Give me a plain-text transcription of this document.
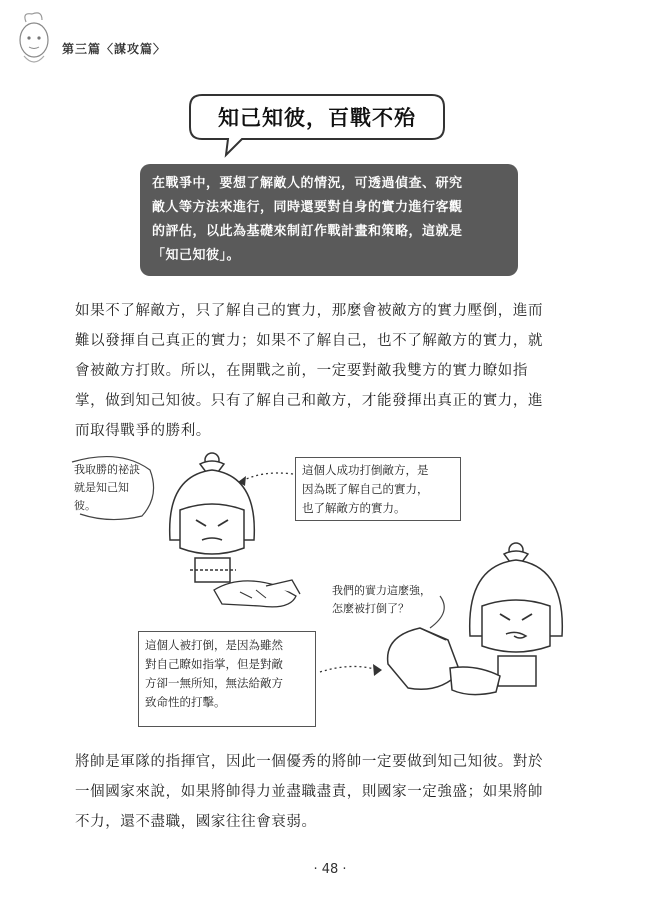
第三篇〈謀攻篇〉
知己知彼，百戰不殆
在戰爭中，要想了解敵人的情況，可透過偵查、研究
敵人等方法來進行，同時還要對自身的實力進行客觀
的評估，以此為基礎來制訂作戰計畫和策略，這就是
「知己知彼」。
如果不了解敵方，只了解自己的實力，那麼會被敵方的實力壓倒，進而
難以發揮自己真正的實力；如果不了解自己，也不了解敵方的實力，就
會被敵方打敗。所以，在開戰之前，一定要對敵我雙方的實力瞭如指
掌，做到知己知彼。只有了解自己和敵方，才能發揮出真正的實力，進
而取得戰爭的勝利。
我取勝的祕訣
就是知己知
彼。
這個人成功打倒敵方，是
因為既了解自己的實力，
也了解敵方的實力。
我們的實力這麼強，
怎麼被打倒了？
這個人被打倒，是因為雖然
對自己瞭如指掌，但是對敵
方卻一無所知，無法給敵方
致命性的打擊。
將帥是軍隊的指揮官，因此一個優秀的將帥一定要做到知己知彼。對於
一個國家來說，如果將帥得力並盡職盡責，則國家一定強盛；如果將帥
不力，還不盡職，國家往往會衰弱。
· 48 ·
